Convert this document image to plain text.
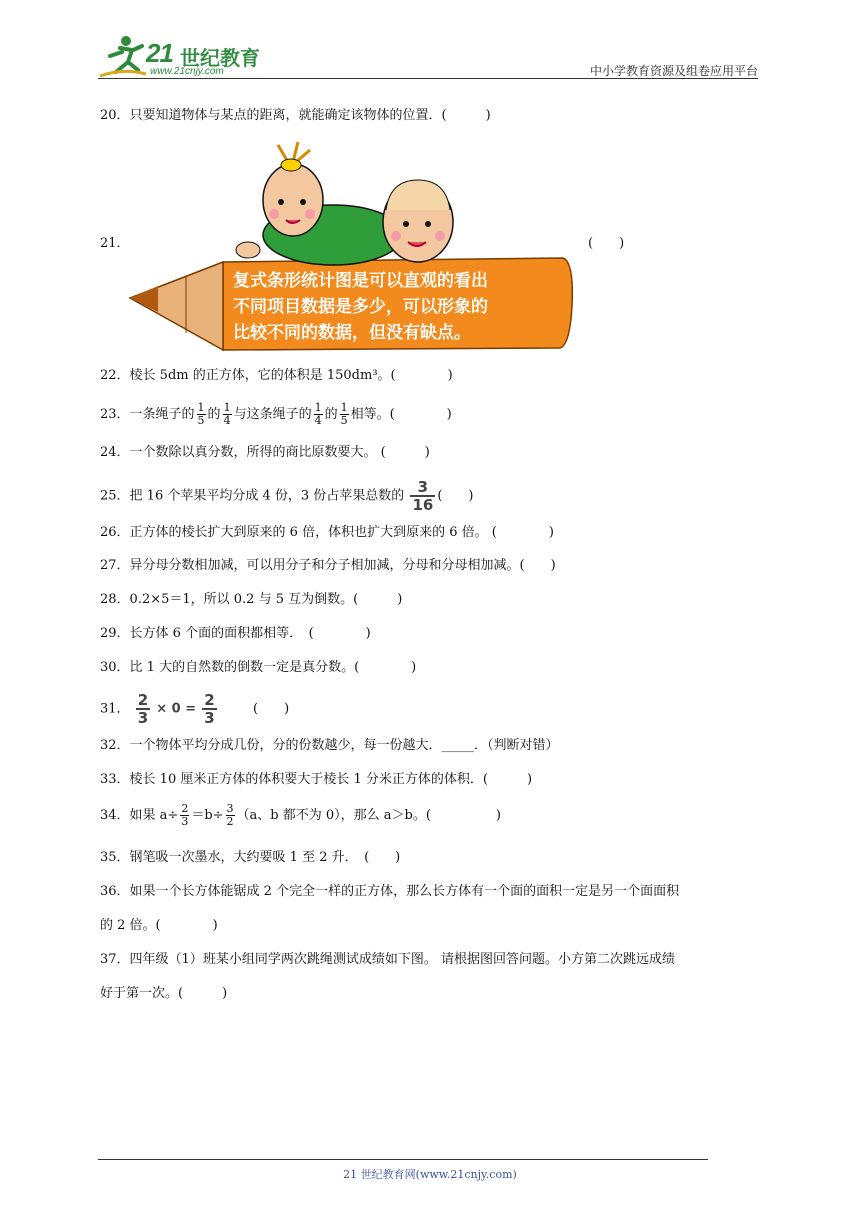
21 世纪教育
www.21cnjy.com	中小学教育资源及组卷应用平台
20．只要知道物体与某点的距离，就能确定该物体的位置．(　　　)
21．
复式条形统计图是可以直观的看出
不同项目数据是多少，可以形象的
比较不同的数据，但没有缺点。
(　　)
22．棱长 5dm 的正方体，它的体积是 150dm³。(　　　　)
23．一条绳子的 $\frac{1}{5}$ 的 $\frac{1}{4}$ 与这条绳子的 $\frac{1}{4}$ 的 $\frac{1}{5}$ 相等。(　　　　)
24．一个数除以真分数，所得的商比原数要大。 (　　　)
25．把 16 个苹果平均分成 4 份，3 份占苹果总数的 $\frac{3}{16}$ (　　)
26．正方体的棱长扩大到原来的 6 倍，体积也扩大到原来的 6 倍。 (　　　　)
27．异分母分数相加减，可以用分子和分子相加减，分母和分母相加减。(　　)
28．0.2×5＝1，所以 0.2 与 5 互为倒数。(　　　)
29．长方体 6 个面的面积都相等．　(　　　　)
30．比 1 大的自然数的倒数一定是真分数。(　　　　)
31． $\frac{2}{3} \times 0 = \frac{2}{3}$	(　　)
32．一个物体平均分成几份，分的份数越少，每一份越大．_____．（判断对错）
33．棱长 10 厘米正方体的体积要大于棱长 1 分米正方体的体积．(　　　)
34．如果 $a\div \frac{2}{3} =b\div \frac{3}{2} (a$、b 都不为 0），那么 a＞b。(　　　　　)
35．钢笔吸一次墨水，大约要吸 1 至 2 升．　(　　)
36．如果一个长方体能锯成 2 个完全一样的正方体，那么长方体有一个面的面积一定是另一个面面积
的 2 倍。(　　　　)
37．四年级（1）班某小组同学两次跳绳测试成绩如下图。 请根据图回答问题。小方第二次跳远成绩
好于第一次。(　　　)
21 世纪教育网(www.21cnjy.com)
